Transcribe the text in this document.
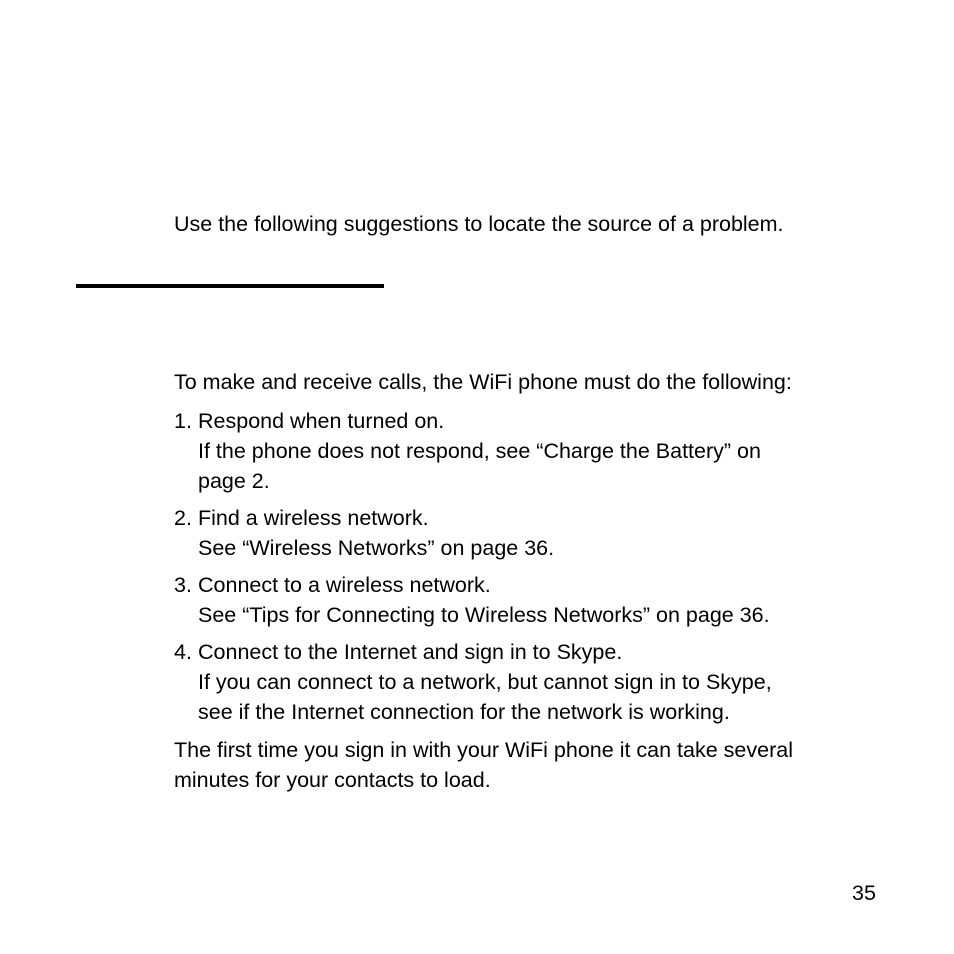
Use the following suggestions to locate the source of a problem.

To make and receive calls, the WiFi phone must do the following:

1. Respond when turned on.
If the phone does not respond, see “Charge the Battery” on
page 2.
2. Find a wireless network.
See “Wireless Networks” on page 36.
3. Connect to a wireless network.
See “Tips for Connecting to Wireless Networks” on page 36.
4. Connect to the Internet and sign in to Skype.
If you can connect to a network, but cannot sign in to Skype,
see if the Internet connection for the network is working.

The first time you sign in with your WiFi phone it can take several
minutes for your contacts to load.

35
